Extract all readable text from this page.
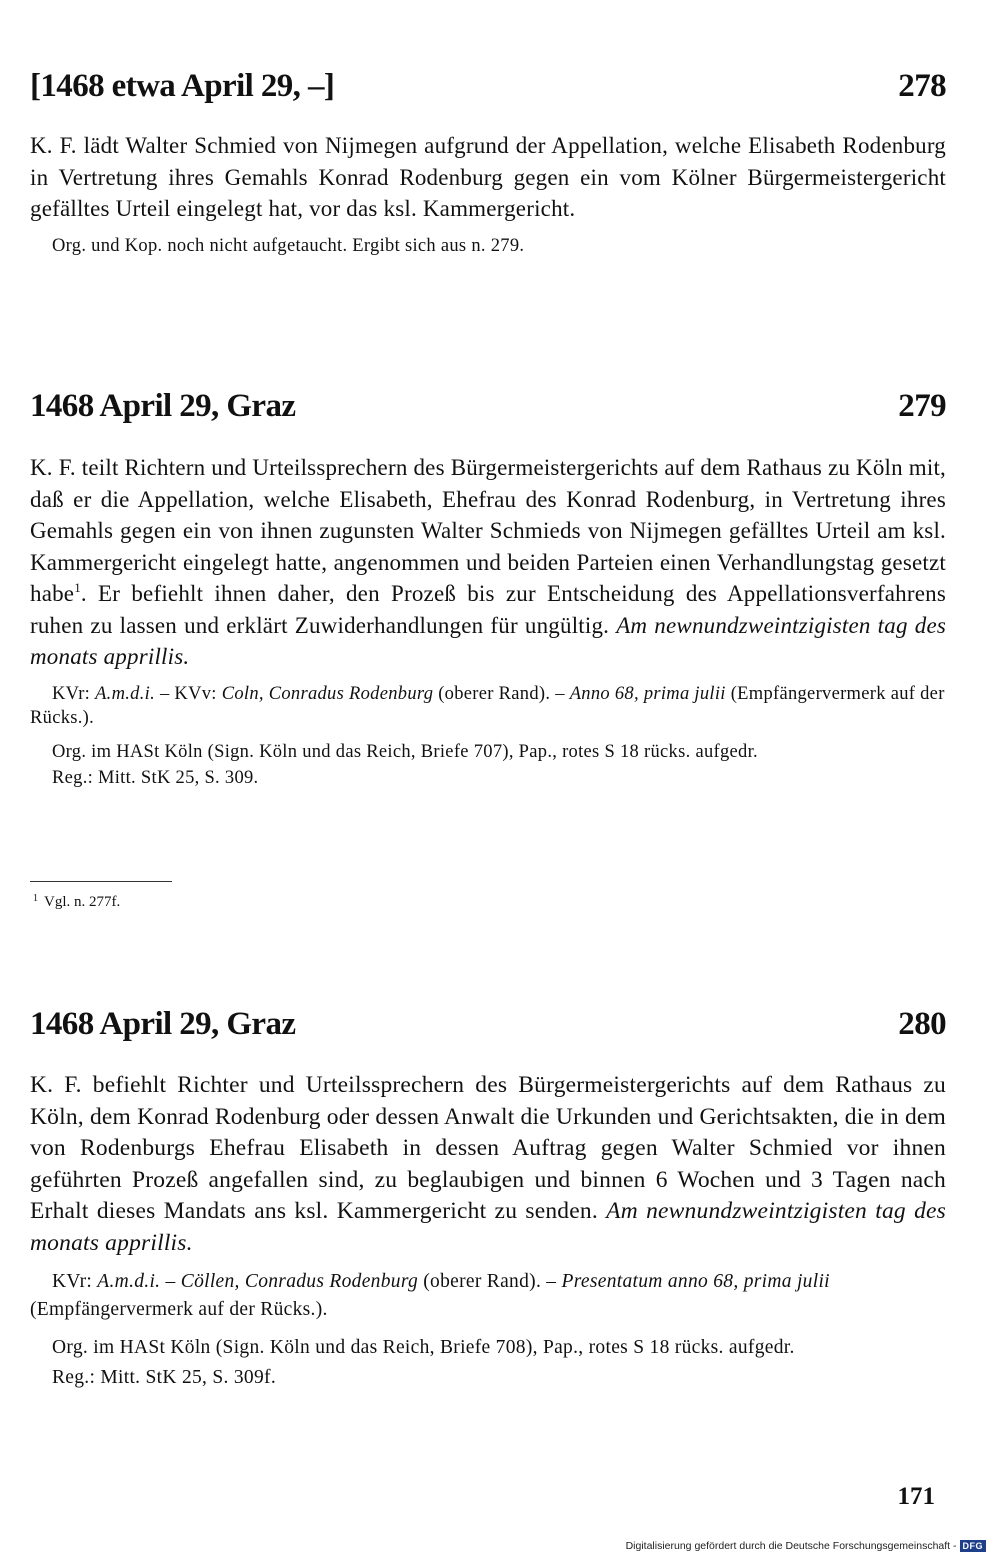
[1468 etwa April 29, –]	278

K. F. lädt Walter Schmied von Nijmegen aufgrund der Appellation, welche Elisabeth Rodenburg in Vertretung ihres Gemahls Konrad Rodenburg gegen ein vom Kölner Bürgermeistergericht gefälltes Urteil eingelegt hat, vor das ksl. Kammergericht.

Org. und Kop. noch nicht aufgetaucht. Ergibt sich aus n. 279.

1468 April 29, Graz	279

K. F. teilt Richtern und Urteilssprechern des Bürgermeistergerichts auf dem Rathaus zu Köln mit, daß er die Appellation, welche Elisabeth, Ehefrau des Konrad Rodenburg, in Vertretung ihres Gemahls gegen ein von ihnen zugunsten Walter Schmieds von Nijmegen gefälltes Urteil am ksl. Kammergericht eingelegt hatte, angenommen und beiden Parteien einen Verhandlungstag gesetzt habe$^1$. Er befiehlt ihnen daher, den Prozeß bis zur Entscheidung des Appellationsverfahrens ruhen zu lassen und erklärt Zuwiderhandlungen für ungültig. Am newnundzweintzigisten tag des monats apprillis.

KVr: A.m.d.i. – KVv: Coln, Conradus Rodenburg (oberer Rand). – Anno 68, prima julii (Empfängervermerk auf der Rücks.).

Org. im HASt Köln (Sign. Köln und das Reich, Briefe 707), Pap., rotes S 18 rücks. aufgedr.

Reg.: Mitt. StK 25, S. 309.

$^1$ Vgl. n. 277f.
1468 April 29, Graz	280

K. F. befiehlt Richter und Urteilssprechern des Bürgermeistergerichts auf dem Rathaus zu Köln, dem Konrad Rodenburg oder dessen Anwalt die Urkunden und Gerichtsakten, die in dem von Rodenburgs Ehefrau Elisabeth in dessen Auftrag gegen Walter Schmied vor ihnen geführten Prozeß angefallen sind, zu beglaubigen und binnen 6 Wochen und 3 Tagen nach Erhalt dieses Mandats ans ksl. Kammergericht zu senden. Am newnundzweintzigisten tag des monats apprillis.

KVr: A.m.d.i. – Cöllen, Conradus Rodenburg (oberer Rand). – Presentatum anno 68, prima julii (Empfängervermerk auf der Rücks.).

Org. im HASt Köln (Sign. Köln und das Reich, Briefe 708), Pap., rotes S 18 rücks. aufgedr.

Reg.: Mitt. StK 25, S. 309f.

171
Digitalisierung gefördert durch die Deutsche Forschungsgemeinschaft - DFG
